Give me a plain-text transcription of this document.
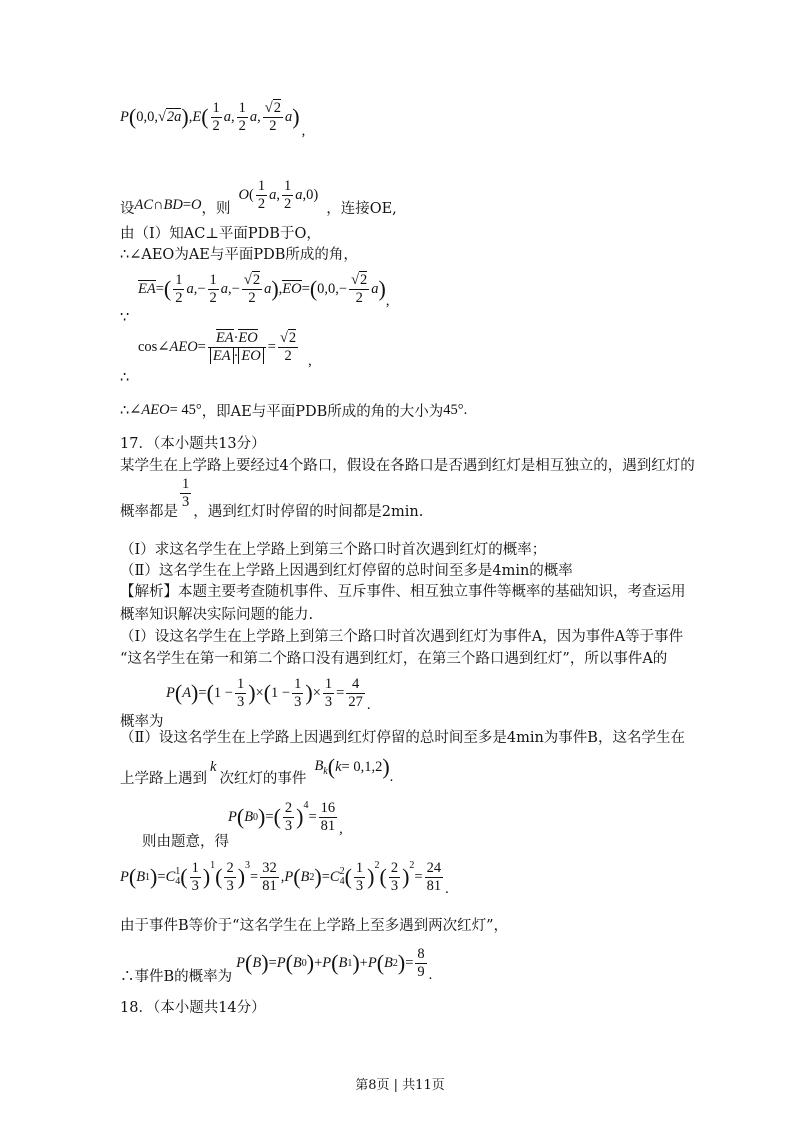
P ( 0,0,√2a ) , E ( $\frac{1}{2}$ a , $\frac{1}{2}$ a , $\frac{√2}{2}$ a )
,
设 AC ∩ BD = O ，则
O ( $\frac{1}{2}$ a , $\frac{1}{2}$ a ,0)
，连接OE,
由（Ⅰ）知AC⊥平面PDB于O，
∴∠AEO为AE与平面PDB所成的角，
∵
EA = ( $\frac{1}{2}$ a ,− $\frac{1}{2}$ a ,− $\frac{√2}{2}$ a ) , EO = ( $0,0,- \frac{√2}{2}$ a ) ,
∴
cos∠ AEO = $\frac{EA\cdot EO}{EA \cdot EO} = \frac{√2}{2}$ ,
∴ ∠ AEO = 45° ，即AE与平面PDB所成的角的大小为 45° .
17．（本小题共13分）
某学生在上学路上要经过4个路口，假设在各路口是否遇到红灯是相互独立的，遇到红灯的
概率都是
$\frac{1}{3}$
，遇到红灯时停留的时间都是2min.
（Ⅰ）求这名学生在上学路上到第三个路口时首次遇到红灯的概率；
（Ⅱ）这名学生在上学路上因遇到红灯停留的总时间至多是4min的概率
【解析】本题主要考查随机事件、互斥事件、相互独立事件等概率的基础知识，考查运用
概率知识解决实际问题的能力.
（Ⅰ）设这名学生在上学路上到第三个路口时首次遇到红灯为事件A，因为事件A等于事件
“这名学生在第一和第二个路口没有遇到红灯，在第三个路口遇到红灯”，所以事件A的
概率为
P ( A ) = ( $1 - \frac{1}{3}$ ) × ( $1 - \frac{1}{3}$ ) × $\frac{1}{3} = \frac{4}{27}$ .
（Ⅱ）设这名学生在上学路上因遇到红灯停留的总时间至多是4min为事件B，这名学生在
上学路上遇到
k
次红灯的事件
$B_k$ ( k = 0,1,2 ) .
则由题意，得
P ( B 0 ) = ( $\frac{2}{3} )^4$
= $\frac{16}{81}$ ,
P ( B 1 ) = C 1
4 ( $\frac{1}{3} )^1$ ( $\frac{2}{3} )^3$
= $\frac{32}{81}$ , P ( B 2 ) = C 2
4 ( $\frac{1}{3} )^2$ ( $\frac{2}{3} )^2$
= $\frac{24}{81}$ .
由于事件B等价于“这名学生在上学路上至多遇到两次红灯”，
∴事件B的概率为
P ( B ) = P ( B 0 ) + P ( B 1 ) + P ( B 2 ) = $\frac{8}{9}$ .
18．（本小题共14分）
第8页 | 共11页
